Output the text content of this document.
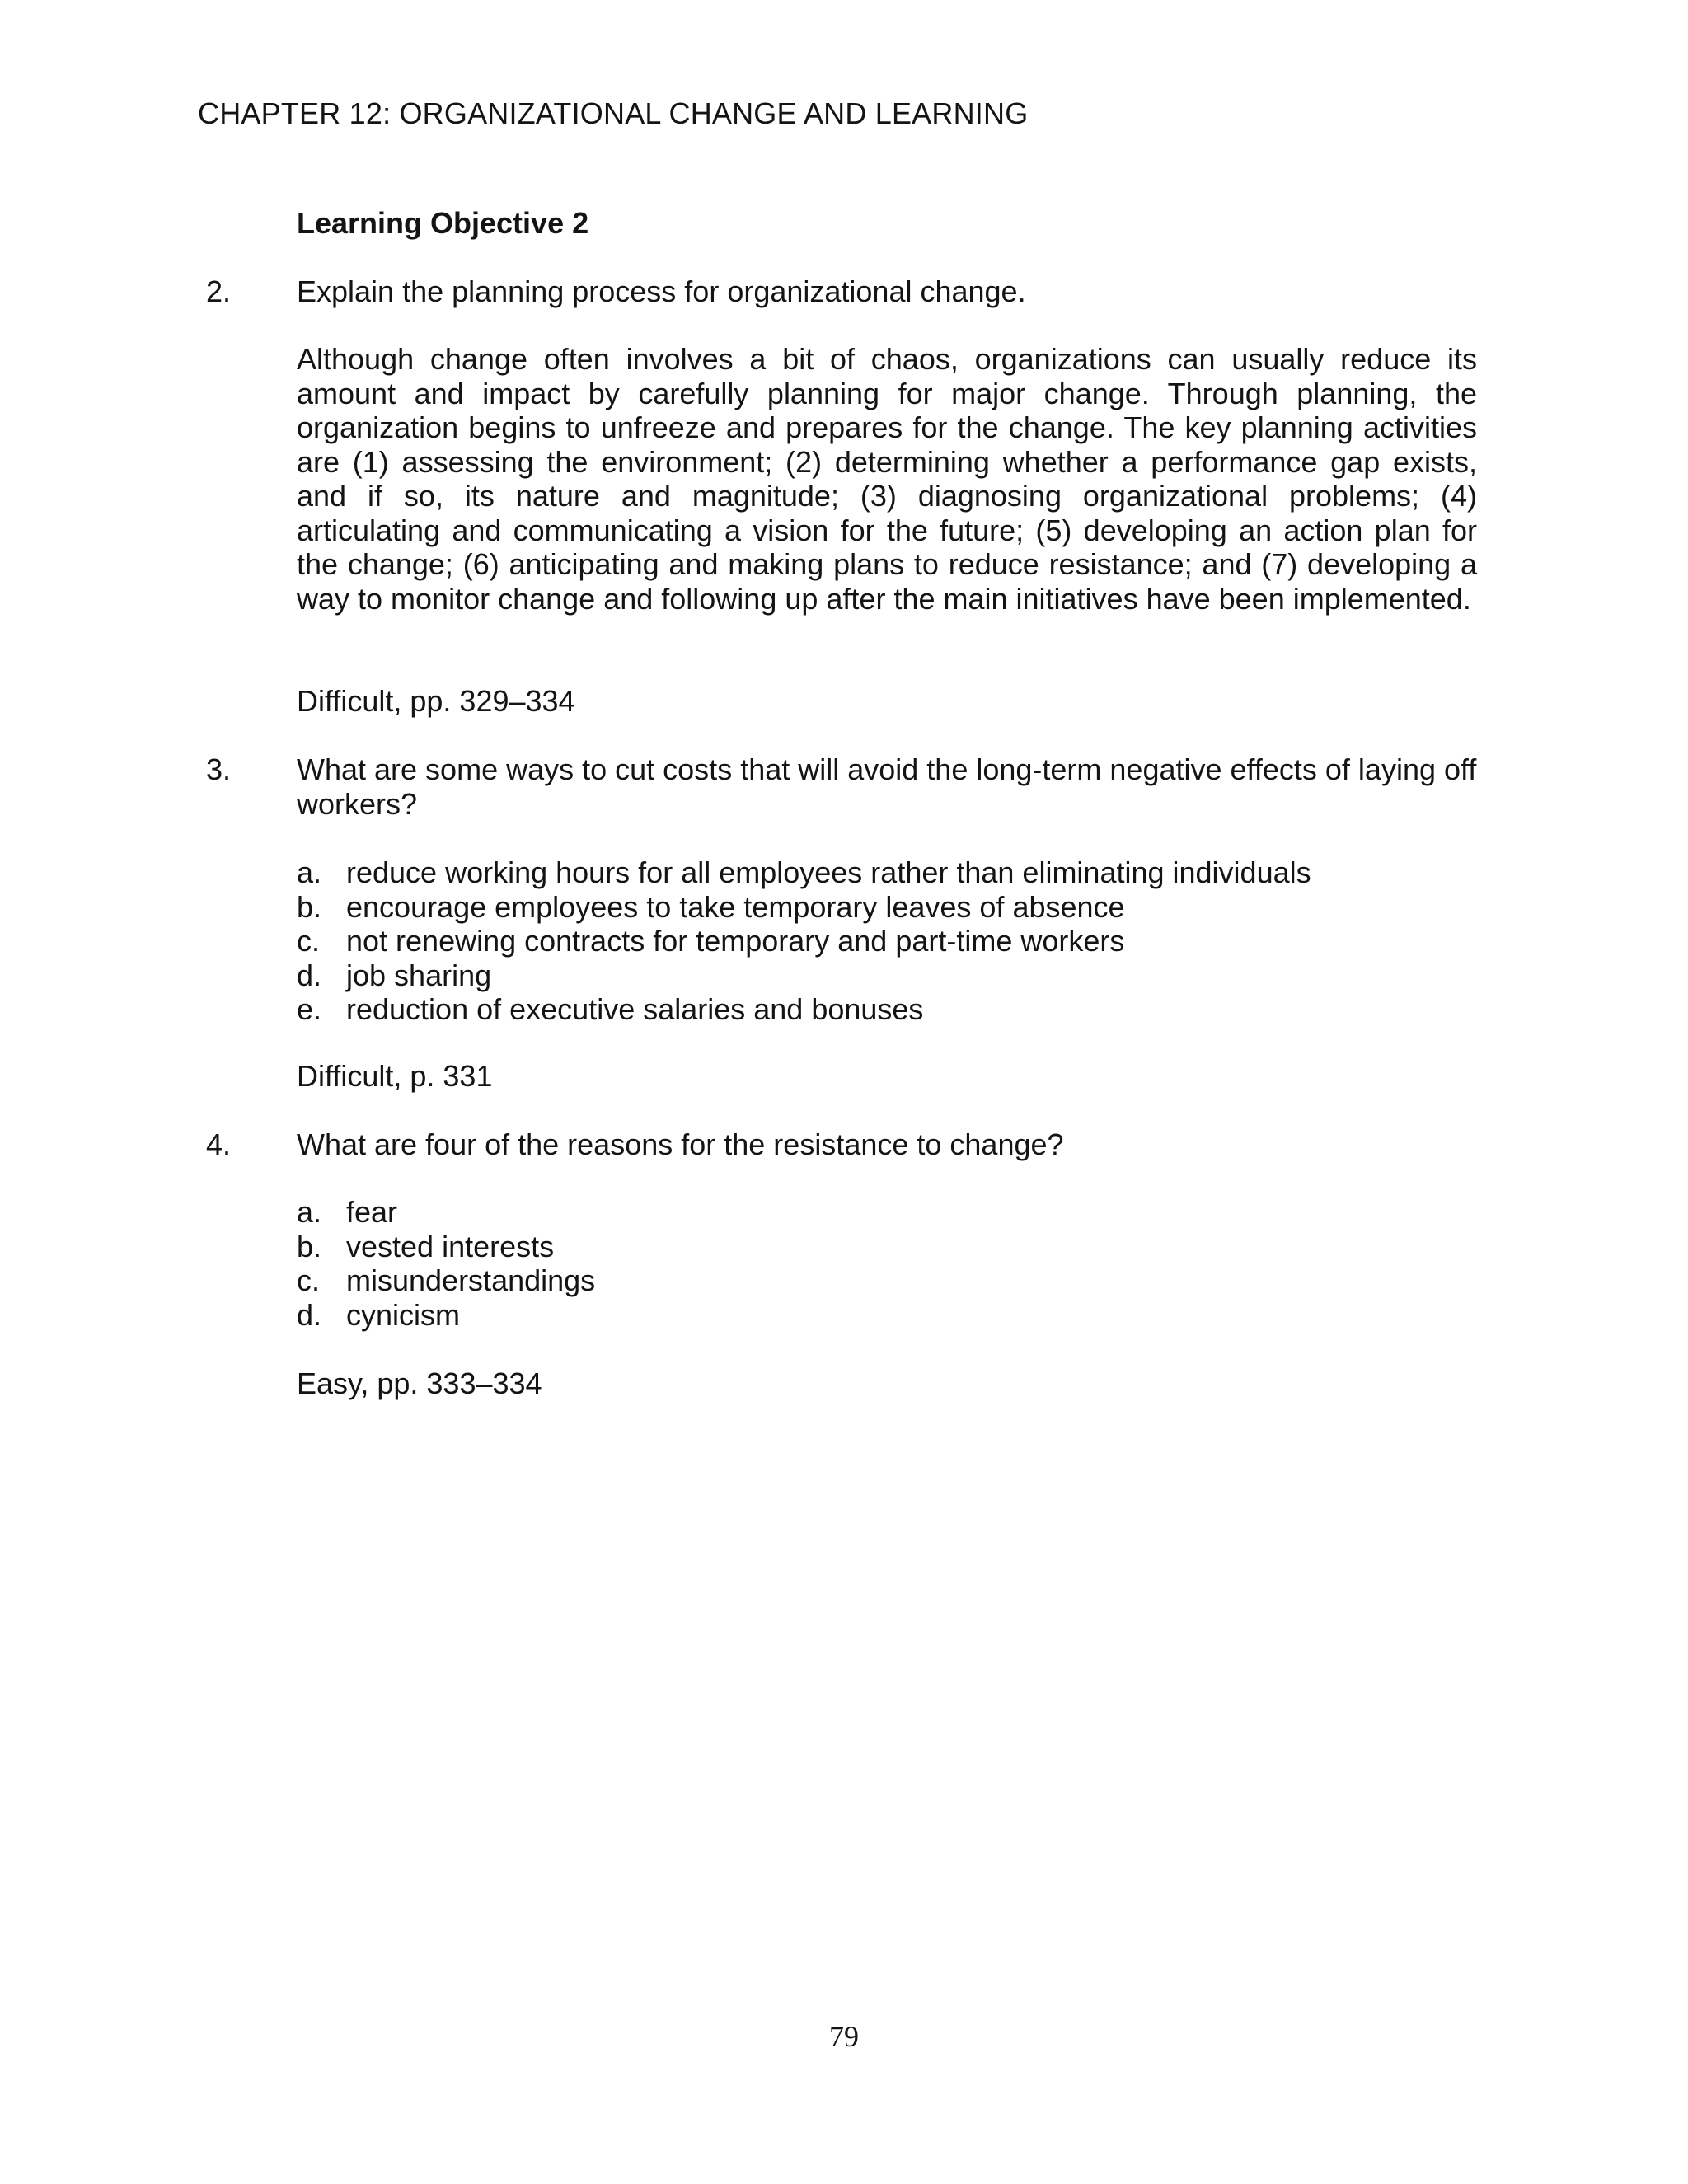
CHAPTER 12: ORGANIZATIONAL CHANGE AND LEARNING
Learning Objective 2
2. Explain the planning process for organizational change.
Although change often involves a bit of chaos, organizations can usually reduce its amount and impact by carefully planning for major change. Through planning, the organization begins to unfreeze and prepares for the change. The key planning activities are (1) assessing the environment; (2) determining whether a performance gap exists, and if so, its nature and magnitude; (3) diagnosing organizational problems; (4) articulating and communicating a vision for the future; (5) developing an action plan for the change; (6) anticipating and making plans to reduce resistance; and (7) developing a way to monitor change and following up after the main initiatives have been implemented.
Difficult, pp. 329–334
3. What are some ways to cut costs that will avoid the long-term negative effects of laying off workers?
a. reduce working hours for all employees rather than eliminating individuals
b. encourage employees to take temporary leaves of absence
c. not renewing contracts for temporary and part-time workers
d. job sharing
e. reduction of executive salaries and bonuses
Difficult, p. 331
4. What are four of the reasons for the resistance to change?
a. fear
b. vested interests
c. misunderstandings
d. cynicism
Easy, pp. 333–334
79
